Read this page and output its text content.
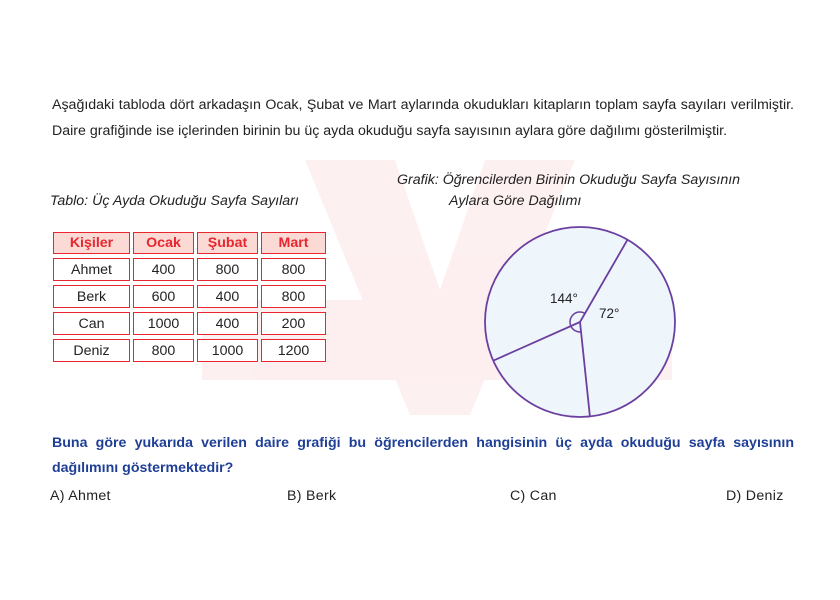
Aşağıdaki tabloda dört arkadaşın Ocak, Şubat ve Mart aylarında okudukları kitapların toplam sayfa sayıları verilmiştir. Daire grafiğinde ise içlerinden birinin bu üç ayda okuduğu sayfa sayısının aylara göre dağılımı gösterilmiştir.

Grafik: Öğrencilerden Birinin Okuduğu Sayfa Sayısının

Aylara Göre Dağılımı

Tablo: Üç Ayda Okuduğu Sayfa Sayıları

Kişiler	Ocak	Şubat	Mart
Ahmet	400	800	800
Berk	600	400	800
Can	1000	400	200
Deniz	800	1000	1200
144°
72°

Buna göre yukarıda verilen daire grafiği bu öğrencilerden hangisinin üç ayda okuduğu sayfa sayısının dağılımını göstermektedir?

A) Ahmet	B) Berk	C) Can	D) Deniz
